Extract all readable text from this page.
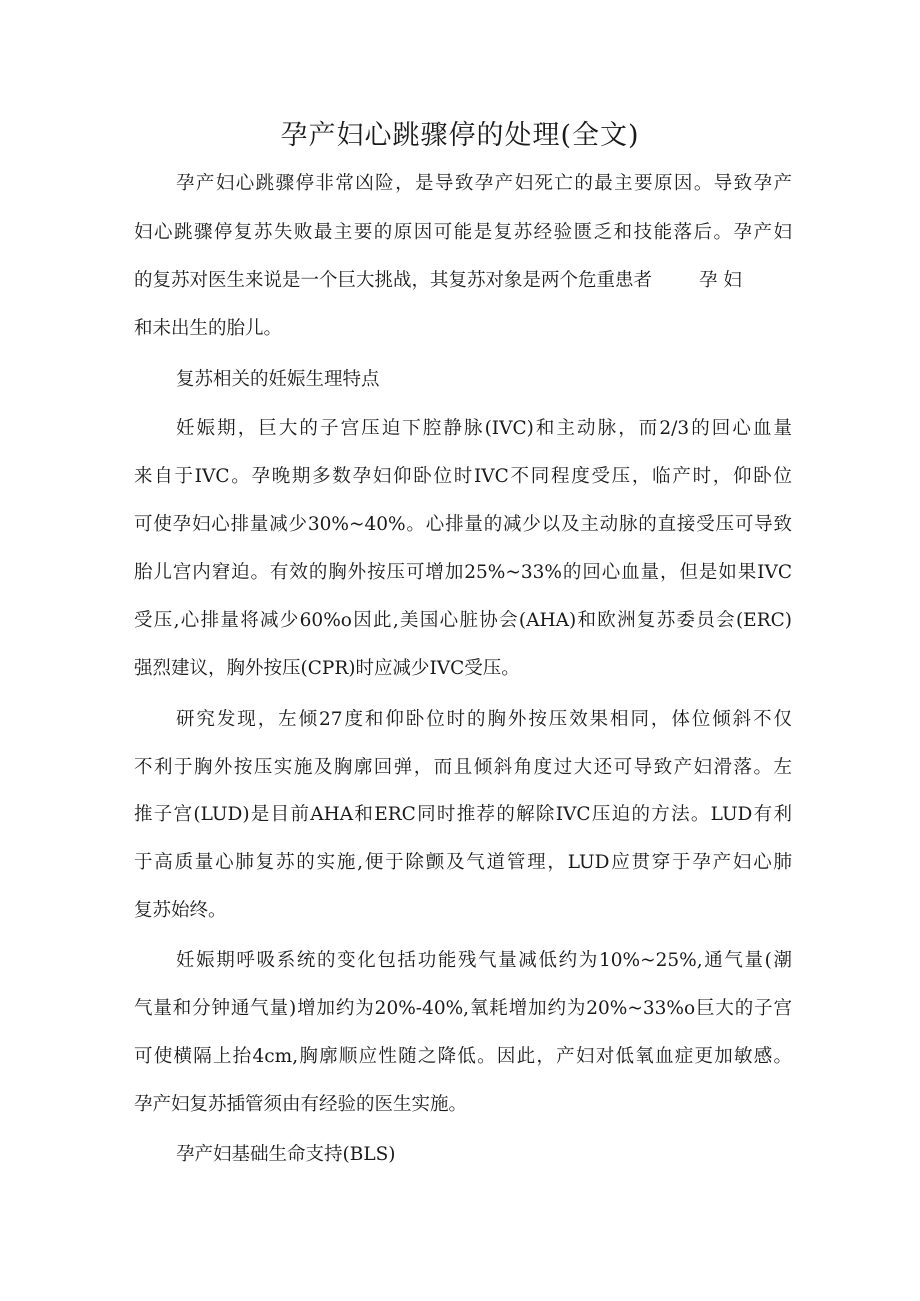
孕产妇心跳骤停的处理(全文)
孕产妇心跳骤停非常凶险，是导致孕产妇死亡的最主要原因。导致孕产
妇心跳骤停复苏失败最主要的原因可能是复苏经验匮乏和技能落后。孕产妇
的复苏对医生来说是一个巨大挑战，其复苏对象是两个危重患者        孕 妇
和未出生的胎儿。
复苏相关的妊娠生理特点
妊娠期，巨大的子宫压迫下腔静脉(IVC)和主动脉，而2/3的回心血量
来自于IVC。孕晚期多数孕妇仰卧位时IVC不同程度受压，临产时，仰卧位
可使孕妇心排量减少30%~40%。心排量的减少以及主动脉的直接受压可导致
胎儿宫内窘迫。有效的胸外按压可增加25%~33%的回心血量，但是如果IVC
受压,心排量将减少60%o因此,美国心脏协会(AHA)和欧洲复苏委员会(ERC)
强烈建议，胸外按压(CPR)时应减少IVC受压。
研究发现，左倾27度和仰卧位时的胸外按压效果相同，体位倾斜不仅
不利于胸外按压实施及胸廓回弹，而且倾斜角度过大还可导致产妇滑落。左
推子宫(LUD)是目前AHA和ERC同时推荐的解除IVC压迫的方法。LUD有利
于高质量心肺复苏的实施,便于除颤及气道管理，LUD应贯穿于孕产妇心肺
复苏始终。
妊娠期呼吸系统的变化包括功能残气量减低约为10%~25%,通气量(潮
气量和分钟通气量)增加约为20%-40%,氧耗增加约为20%~33%o巨大的子宫
可使横隔上抬4cm,胸廓顺应性随之降低。因此，产妇对低氧血症更加敏感。
孕产妇复苏插管须由有经验的医生实施。
孕产妇基础生命支持(BLS)
